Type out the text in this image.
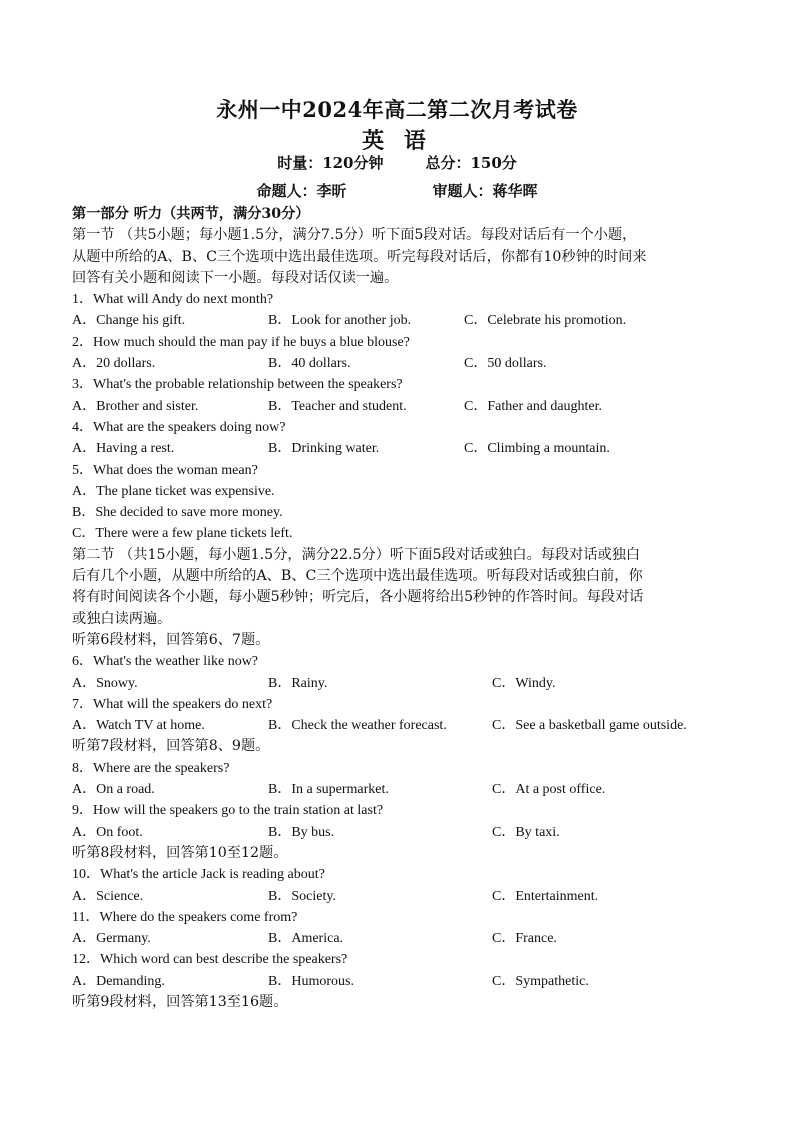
永州一中2024年高二第二次月考试卷
英 语
时量：120分钟	总分：150分
命题人：李昕	审题人：蒋华晖

第一部分 听力（共两节，满分30分）

第一节 （共5小题；每小题1.5分，满分7.5分）听下面5段对话。每段对话后有一个小题，

从题中所给的A、B、C三个选项中选出最佳选项。听完每段对话后，你都有10秒钟的时间来

回答有关小题和阅读下一小题。每段对话仅读一遍。

1．What will Andy do next month?

A．Change his gift.	B．Look for another job.	C．Celebrate his promotion.

2．How much should the man pay if he buys a blue blouse?

A．20 dollars.	B．40 dollars.	C．50 dollars.

3．What's the probable relationship between the speakers?

A．Brother and sister.	B．Teacher and student.	C．Father and daughter.

4．What are the speakers doing now?

A．Having a rest.	B．Drinking water.	C．Climbing a mountain.

5．What does the woman mean?

A．The plane ticket was expensive.

B．She decided to save more money.

C．There were a few plane tickets left.

第二节 （共15小题，每小题1.5分，满分22.5分）听下面5段对话或独白。每段对话或独白

后有几个小题，从题中所给的A、B、C三个选项中选出最佳选项。听每段对话或独白前，你

将有时间阅读各个小题，每小题5秒钟；听完后，各小题将给出5秒钟的作答时间。每段对话

或独白读两遍。

听第6段材料，回答第6、7题。

6．What's the weather like now?

A．Snowy.	B．Rainy.	C．Windy.

7．What will the speakers do next?

A．Watch TV at home.	B．Check the weather forecast.	C．See a basketball game outside.

听第7段材料，回答第8、9题。

8．Where are the speakers?

A．On a road.	B．In a supermarket.	C．At a post office.

9．How will the speakers go to the train station at last?

A．On foot.	B．By bus.	C．By taxi.

听第8段材料，回答第10至12题。

10．What's the article Jack is reading about?

A．Science.	B．Society.	C．Entertainment.

11．Where do the speakers come from?

A．Germany.	B．America.	C．France.

12．Which word can best describe the speakers?

A．Demanding.	B．Humorous.	C．Sympathetic.

听第9段材料，回答第13至16题。
